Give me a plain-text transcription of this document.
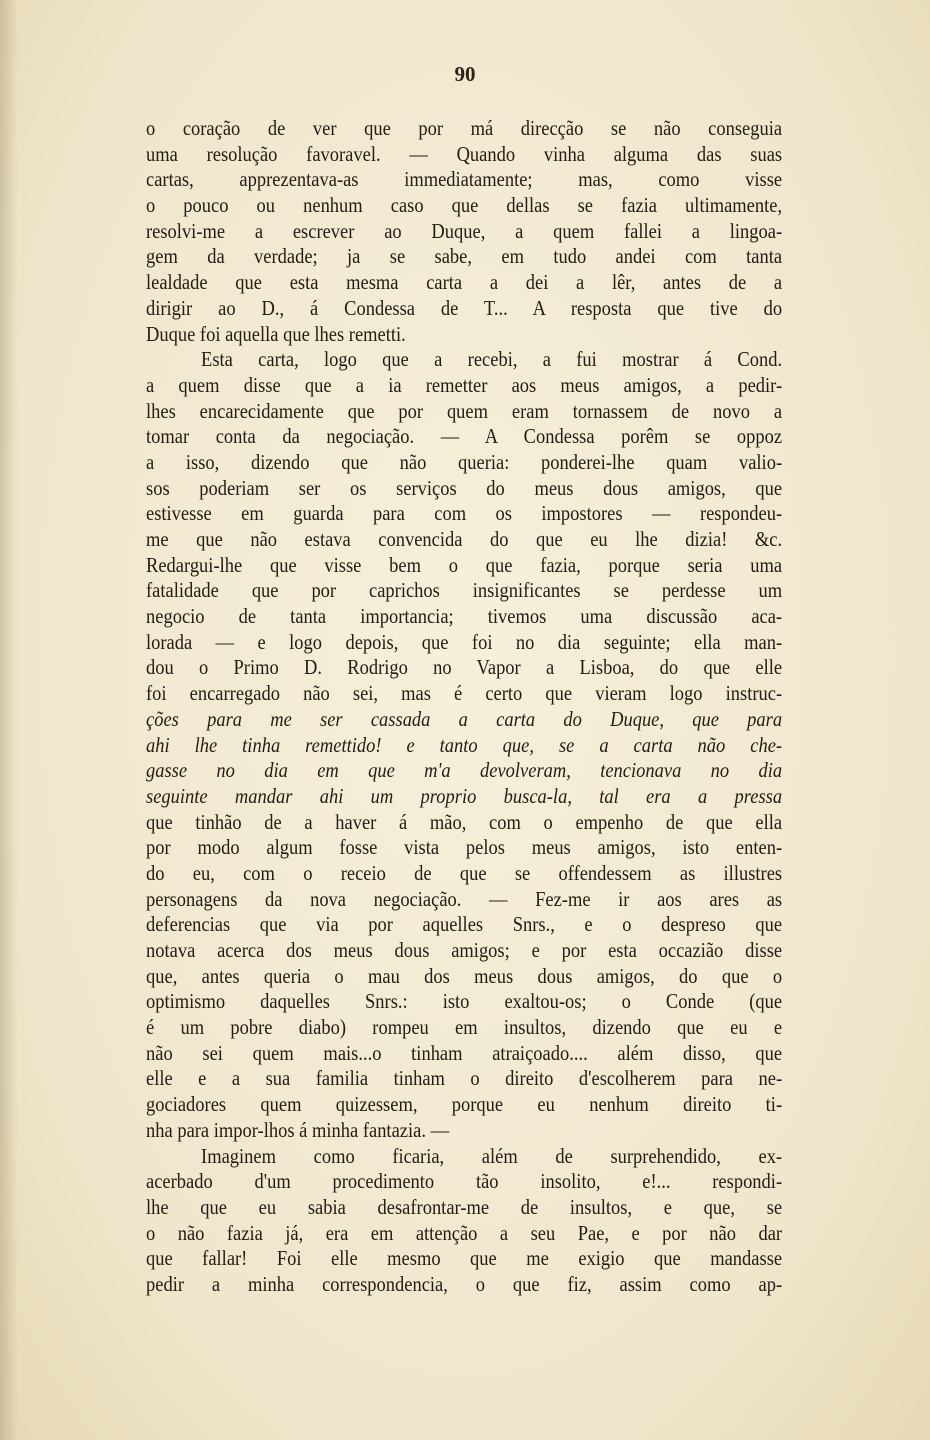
90
o coração de ver que por má direcção se não conseguia
uma resolução favoravel. — Quando vinha alguma das suas
cartas, apprezentava-as immediatamente; mas, como visse
o pouco ou nenhum caso que dellas se fazia ultimamente,
resolvi-me a escrever ao Duque, a quem fallei a lingoa-
gem da verdade; ja se sabe, em tudo andei com tanta
lealdade que esta mesma carta a dei a lêr, antes de a
dirigir ao D., á Condessa de T... A resposta que tive do
Duque foi aquella que lhes remetti.
Esta carta, logo que a recebi, a fui mostrar á Cond.
a quem disse que a ia remetter aos meus amigos, a pedir-
lhes encarecidamente que por quem eram tornassem de novo a
tomar conta da negociação. — A Condessa porêm se oppoz
a isso, dizendo que não queria: ponderei-lhe quam valio-
sos poderiam ser os serviços do meus dous amigos, que
estivesse em guarda para com os impostores — respondeu-
me que não estava convencida do que eu lhe dizia! &c.
Redargui-lhe que visse bem o que fazia, porque seria uma
fatalidade que por caprichos insignificantes se perdesse um
negocio de tanta importancia; tivemos uma discussão aca-
lorada — e logo depois, que foi no dia seguinte; ella man-
dou o Primo D. Rodrigo no Vapor a Lisboa, do que elle
foi encarregado não sei, mas é certo que vieram logo instruc-
ções para me ser cassada a carta do Duque, que para
ahi lhe tinha remettido! e tanto que, se a carta não che-
gasse no dia em que m'a devolveram, tencionava no dia
seguinte mandar ahi um proprio busca-la, tal era a pressa
que tinhão de a haver á mão, com o empenho de que ella
por modo algum fosse vista pelos meus amigos, isto enten-
do eu, com o receio de que se offendessem as illustres
personagens da nova negociação. — Fez-me ir aos ares as
deferencias que via por aquelles Snrs., e o despreso que
notava acerca dos meus dous amigos; e por esta occazião disse
que, antes queria o mau dos meus dous amigos, do que o
optimismo daquelles Snrs.: isto exaltou-os; o Conde (que
é um pobre diabo) rompeu em insultos, dizendo que eu e
não sei quem mais...o tinham atraiçoado.... além disso, que
elle e a sua familia tinham o direito d'escolherem para ne-
gociadores quem quizessem, porque eu nenhum direito ti-
nha para impor-lhos á minha fantazia. —
Imaginem como ficaria, além de surprehendido, ex-
acerbado d'um procedimento tão insolito, e!... respondi-
lhe que eu sabia desafrontar-me de insultos, e que, se
o não fazia já, era em attenção a seu Pae, e por não dar
que fallar! Foi elle mesmo que me exigio que mandasse
pedir a minha correspondencia, o que fiz, assim como ap-
